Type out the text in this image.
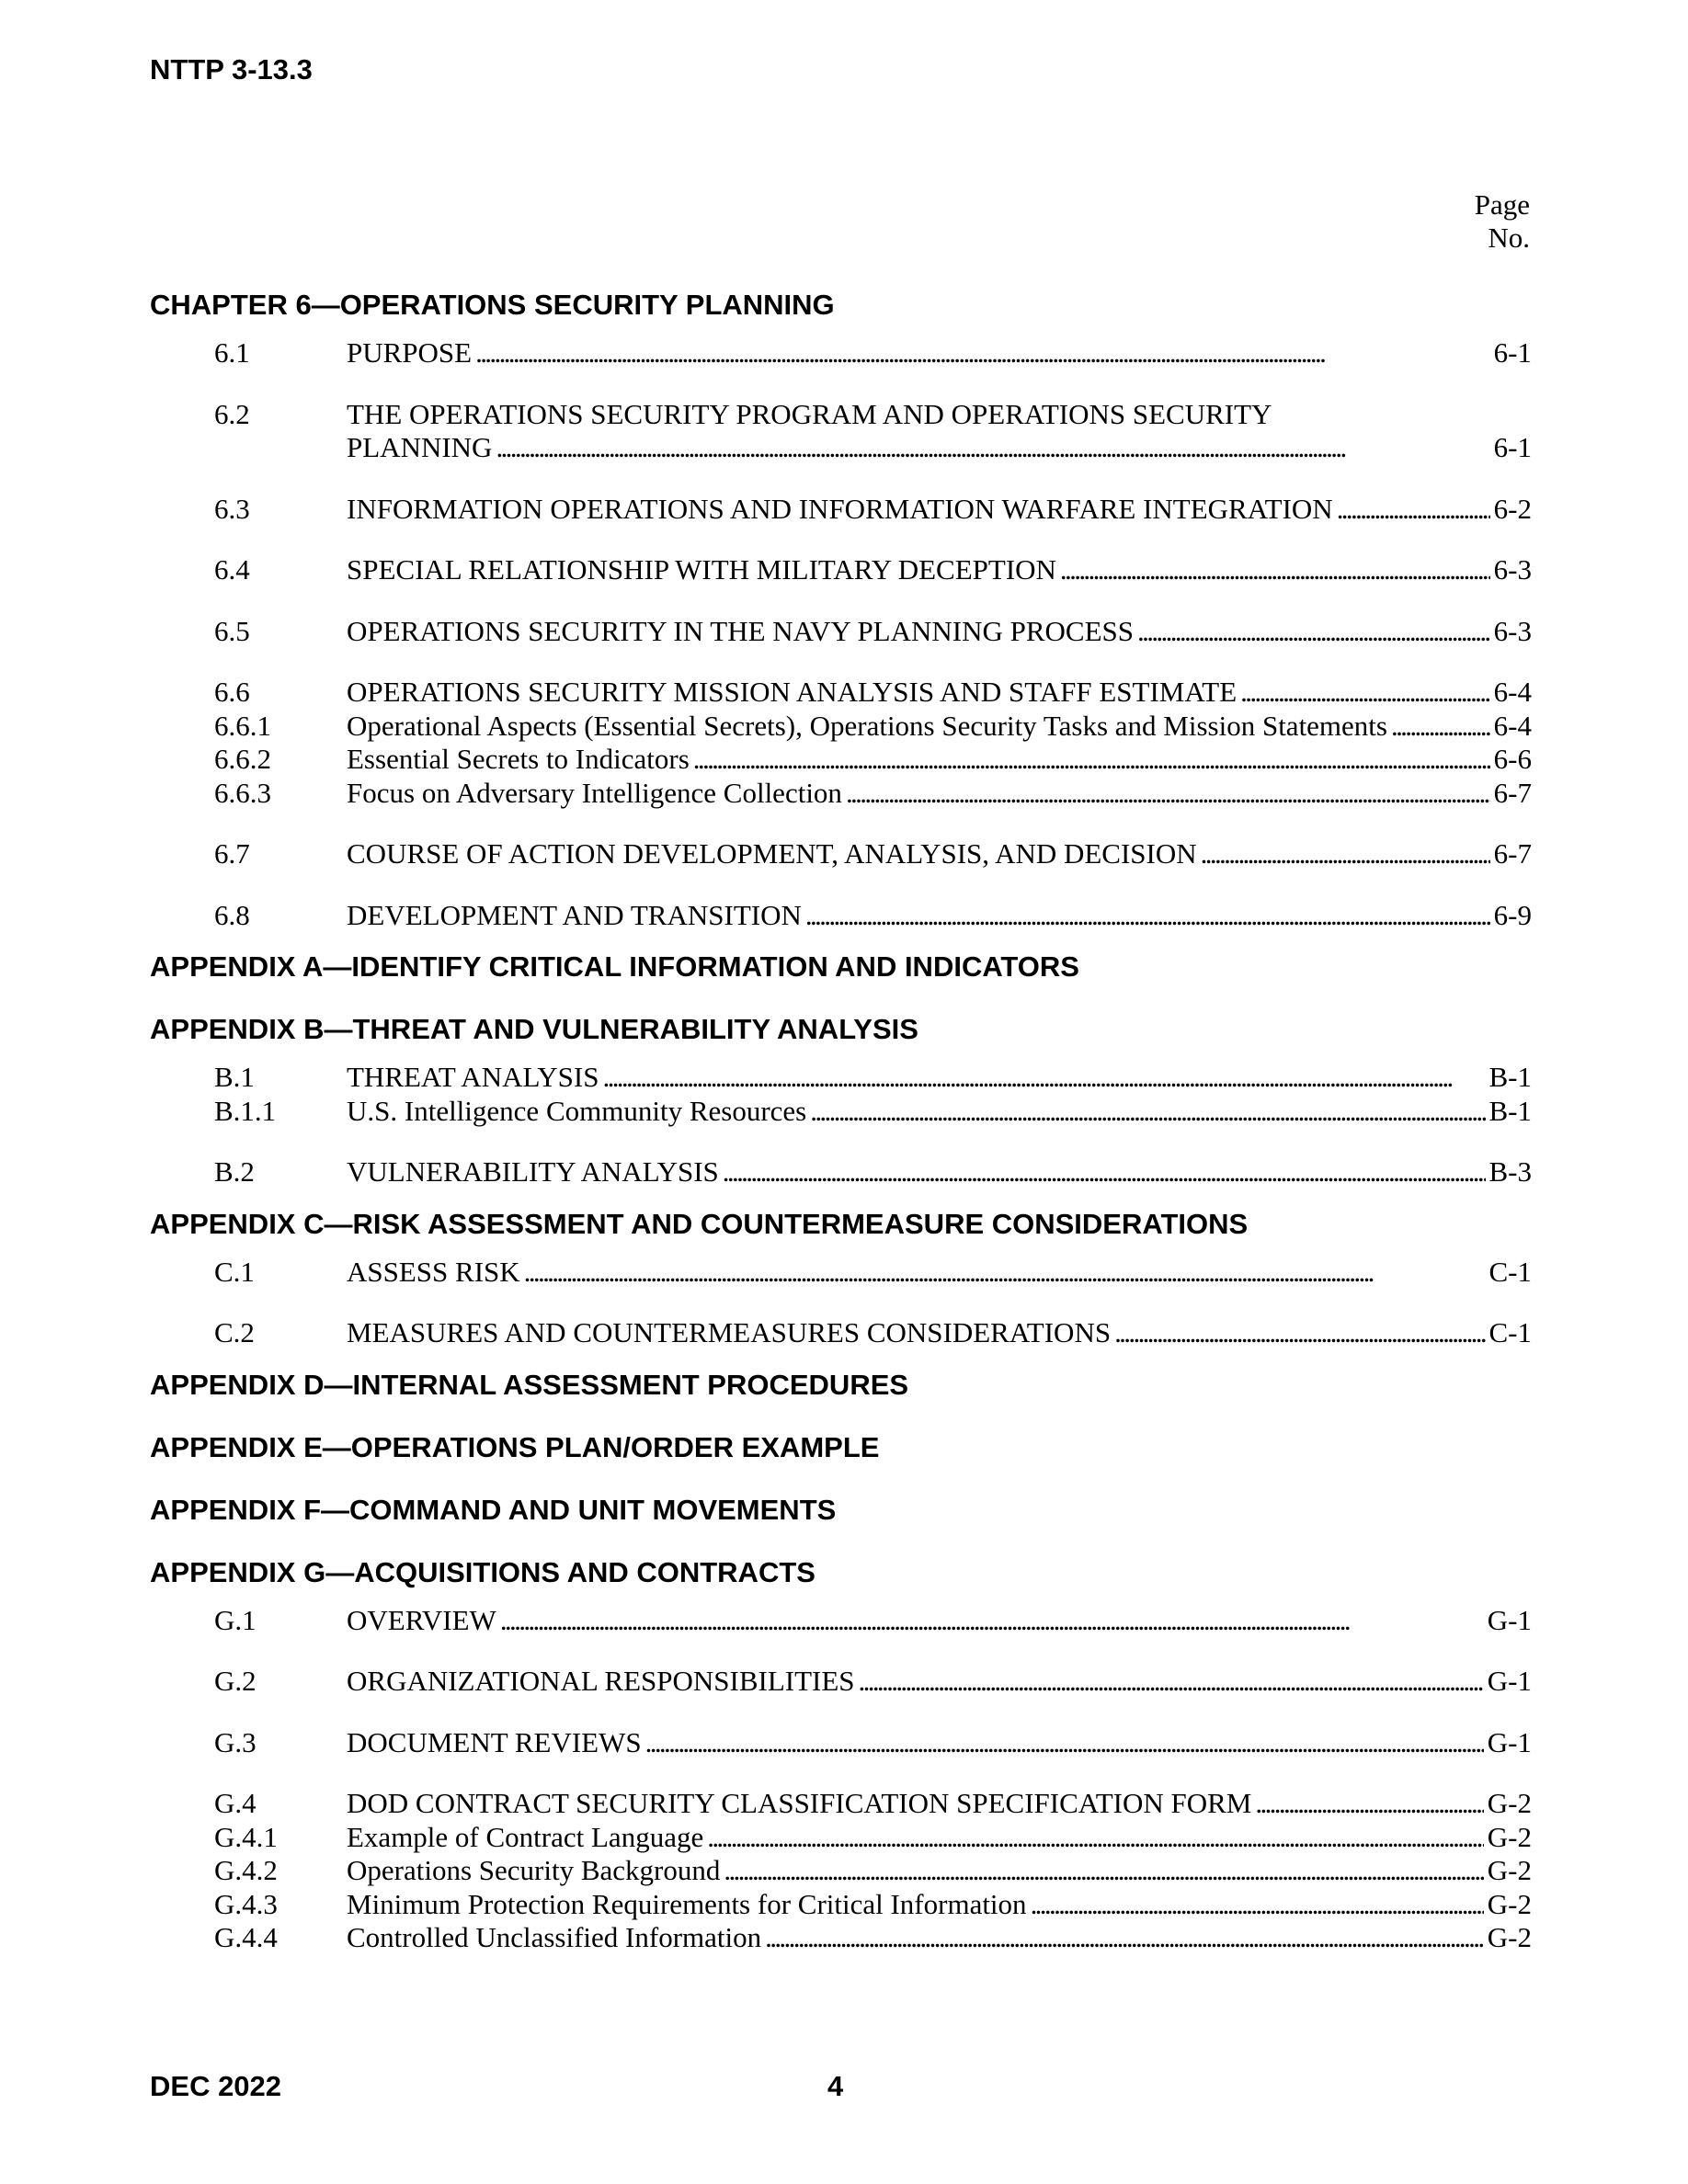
NTTP 3-13.3
Page
No.
CHAPTER 6—OPERATIONS SECURITY PLANNING
6.1	PURPOSE . . .	6-1
6.2	THE OPERATIONS SECURITY PROGRAM AND OPERATIONS SECURITY
PLANNING . . .	6-1
6.3	INFORMATION OPERATIONS AND INFORMATION WARFARE INTEGRATION . . .	6-2
6.4	SPECIAL RELATIONSHIP WITH MILITARY DECEPTION . . .	6-3
6.5	OPERATIONS SECURITY IN THE NAVY PLANNING PROCESS . . .	6-3
6.6	OPERATIONS SECURITY MISSION ANALYSIS AND STAFF ESTIMATE . . .	6-4
6.6.1	Operational Aspects (Essential Secrets), Operations Security Tasks and Mission Statements . . .	6-4
6.6.2	Essential Secrets to Indicators . . .	6-6
6.6.3	Focus on Adversary Intelligence Collection . . .	6-7
6.7	COURSE OF ACTION DEVELOPMENT, ANALYSIS, AND DECISION . . .	6-7
6.8	DEVELOPMENT AND TRANSITION . . .	6-9
APPENDIX A—IDENTIFY CRITICAL INFORMATION AND INDICATORS
APPENDIX B—THREAT AND VULNERABILITY ANALYSIS
B.1	THREAT ANALYSIS . . .	B-1
B.1.1 U.S. Intelligence Community Resources . . .	B-1
B.2	VULNERABILITY ANALYSIS . . .	B-3
APPENDIX C—RISK ASSESSMENT AND COUNTERMEASURE CONSIDERATIONS
C.1	ASSESS RISK . . .	C-1
C.2	MEASURES AND COUNTERMEASURES CONSIDERATIONS . . .	C-1
APPENDIX D—INTERNAL ASSESSMENT PROCEDURES
APPENDIX E—OPERATIONS PLAN/ORDER EXAMPLE
APPENDIX F—COMMAND AND UNIT MOVEMENTS
APPENDIX G—ACQUISITIONS AND CONTRACTS
G.1	OVERVIEW . . .	G-1
G.2	ORGANIZATIONAL RESPONSIBILITIES . . .	G-1
G.3	DOCUMENT REVIEWS . . .	G-1
G.4	DOD CONTRACT SECURITY CLASSIFICATION SPECIFICATION FORM . . .	G-2
G.4.1 Example of Contract Language . . .	G-2
G.4.2 Operations Security Background . . .	G-2
G.4.3 Minimum Protection Requirements for Critical Information . . .	G-2
G.4.4 Controlled Unclassified Information . . .	G-2
DEC 2022	4
